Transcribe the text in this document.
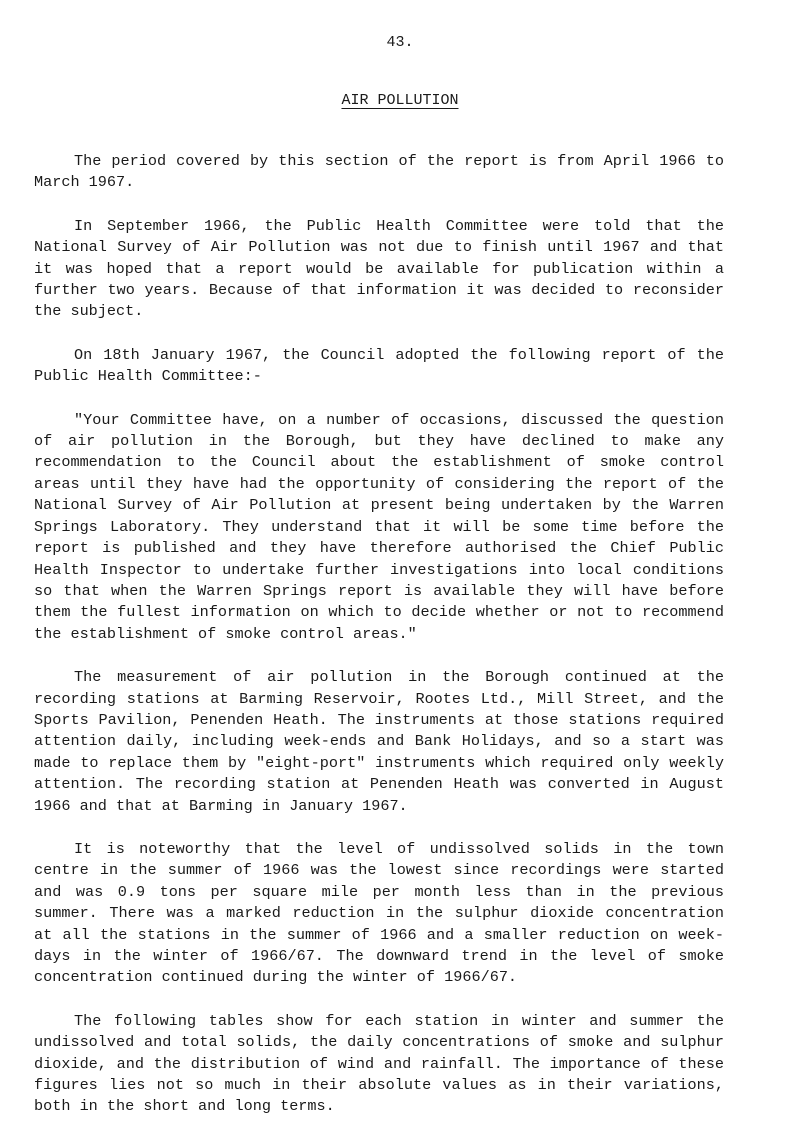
43.
AIR POLLUTION

The period covered by this section of the report is from April 1966 to March 1967.

In September 1966, the Public Health Committee were told that the National Survey of Air Pollution was not due to finish until 1967 and that it was hoped that a report would be available for publication within a further two years. Because of that information it was decided to reconsider the subject.

On 18th January 1967, the Council adopted the following report of the Public Health Committee:-

"Your Committee have, on a number of occasions, discussed the question of air pollution in the Borough, but they have declined to make any recommendation to the Council about the establishment of smoke control areas until they have had the opportunity of considering the report of the National Survey of Air Pollution at present being undertaken by the Warren Springs Laboratory. They understand that it will be some time before the report is published and they have therefore authorised the Chief Public Health Inspector to undertake further investigations into local conditions so that when the Warren Springs report is available they will have before them the fullest information on which to decide whether or not to recommend the establishment of smoke control areas."

The measurement of air pollution in the Borough continued at the recording stations at Barming Reservoir, Rootes Ltd., Mill Street, and the Sports Pavilion, Penenden Heath. The instruments at those stations required attention daily, including week-ends and Bank Holidays, and so a start was made to replace them by "eight-port" instruments which required only weekly attention. The recording station at Penenden Heath was converted in August 1966 and that at Barming in January 1967.

It is noteworthy that the level of undissolved solids in the town centre in the summer of 1966 was the lowest since recordings were started and was 0.9 tons per square mile per month less than in the previous summer. There was a marked reduction in the sulphur dioxide concentration at all the stations in the summer of 1966 and a smaller reduction on week-days in the winter of 1966/67. The downward trend in the level of smoke concentration continued during the winter of 1966/67.

The following tables show for each station in winter and summer the undissolved and total solids, the daily concentrations of smoke and sulphur dioxide, and the distribution of wind and rainfall. The importance of these figures lies not so much in their absolute values as in their variations, both in the short and long terms.
